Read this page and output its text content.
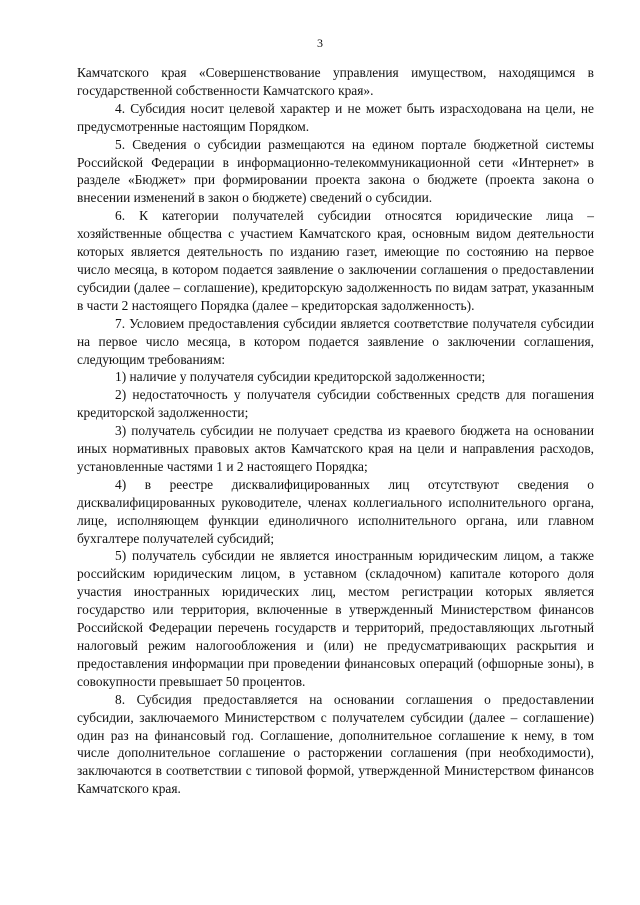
3

Камчатского края «Совершенствование управления имуществом, находящимся в государственной собственности Камчатского края».

4. Субсидия носит целевой характер и не может быть израсходована на цели, не предусмотренные настоящим Порядком.

5. Сведения о субсидии размещаются на едином портале бюджетной системы Российской Федерации в информационно-телекоммуникационной сети «Интернет» в разделе «Бюджет» при формировании проекта закона о бюджете (проекта закона о внесении изменений в закон о бюджете) сведений о субсидии.

6. К категории получателей субсидии относятся юридические лица – хозяйственные общества с участием Камчатского края, основным видом деятельности которых является деятельность по изданию газет, имеющие по состоянию на первое число месяца, в котором подается заявление о заключении соглашения о предоставлении субсидии (далее – соглашение), кредиторскую задолженность по видам затрат, указанным в части 2 настоящего Порядка (далее – кредиторская задолженность).

7. Условием предоставления субсидии является соответствие получателя субсидии на первое число месяца, в котором подается заявление о заключении соглашения, следующим требованиям:

1) наличие у получателя субсидии кредиторской задолженности;

2) недостаточность у получателя субсидии собственных средств для погашения кредиторской задолженности;

3) получатель субсидии не получает средства из краевого бюджета на основании иных нормативных правовых актов Камчатского края на цели и направления расходов, установленные частями 1 и 2 настоящего Порядка;

4) в реестре дисквалифицированных лиц отсутствуют сведения о дисквалифицированных руководителе, членах коллегиального исполнительного органа, лице, исполняющем функции единоличного исполнительного органа, или главном бухгалтере получателей субсидий;

5) получатель субсидии не является иностранным юридическим лицом, а также российским юридическим лицом, в уставном (складочном) капитале которого доля участия иностранных юридических лиц, местом регистрации которых является государство или территория, включенные в утвержденный Министерством финансов Российской Федерации перечень государств и территорий, предоставляющих льготный налоговый режим налогообложения и (или) не предусматривающих раскрытия и предоставления информации при проведении финансовых операций (офшорные зоны), в совокупности превышает 50 процентов.

8. Субсидия предоставляется на основании соглашения о предоставлении субсидии, заключаемого Министерством с получателем субсидии (далее – соглашение) один раз на финансовый год. Соглашение, дополнительное соглашение к нему, в том числе дополнительное соглашение о расторжении соглашения (при необходимости), заключаются в соответствии с типовой формой, утвержденной Министерством финансов Камчатского края.
